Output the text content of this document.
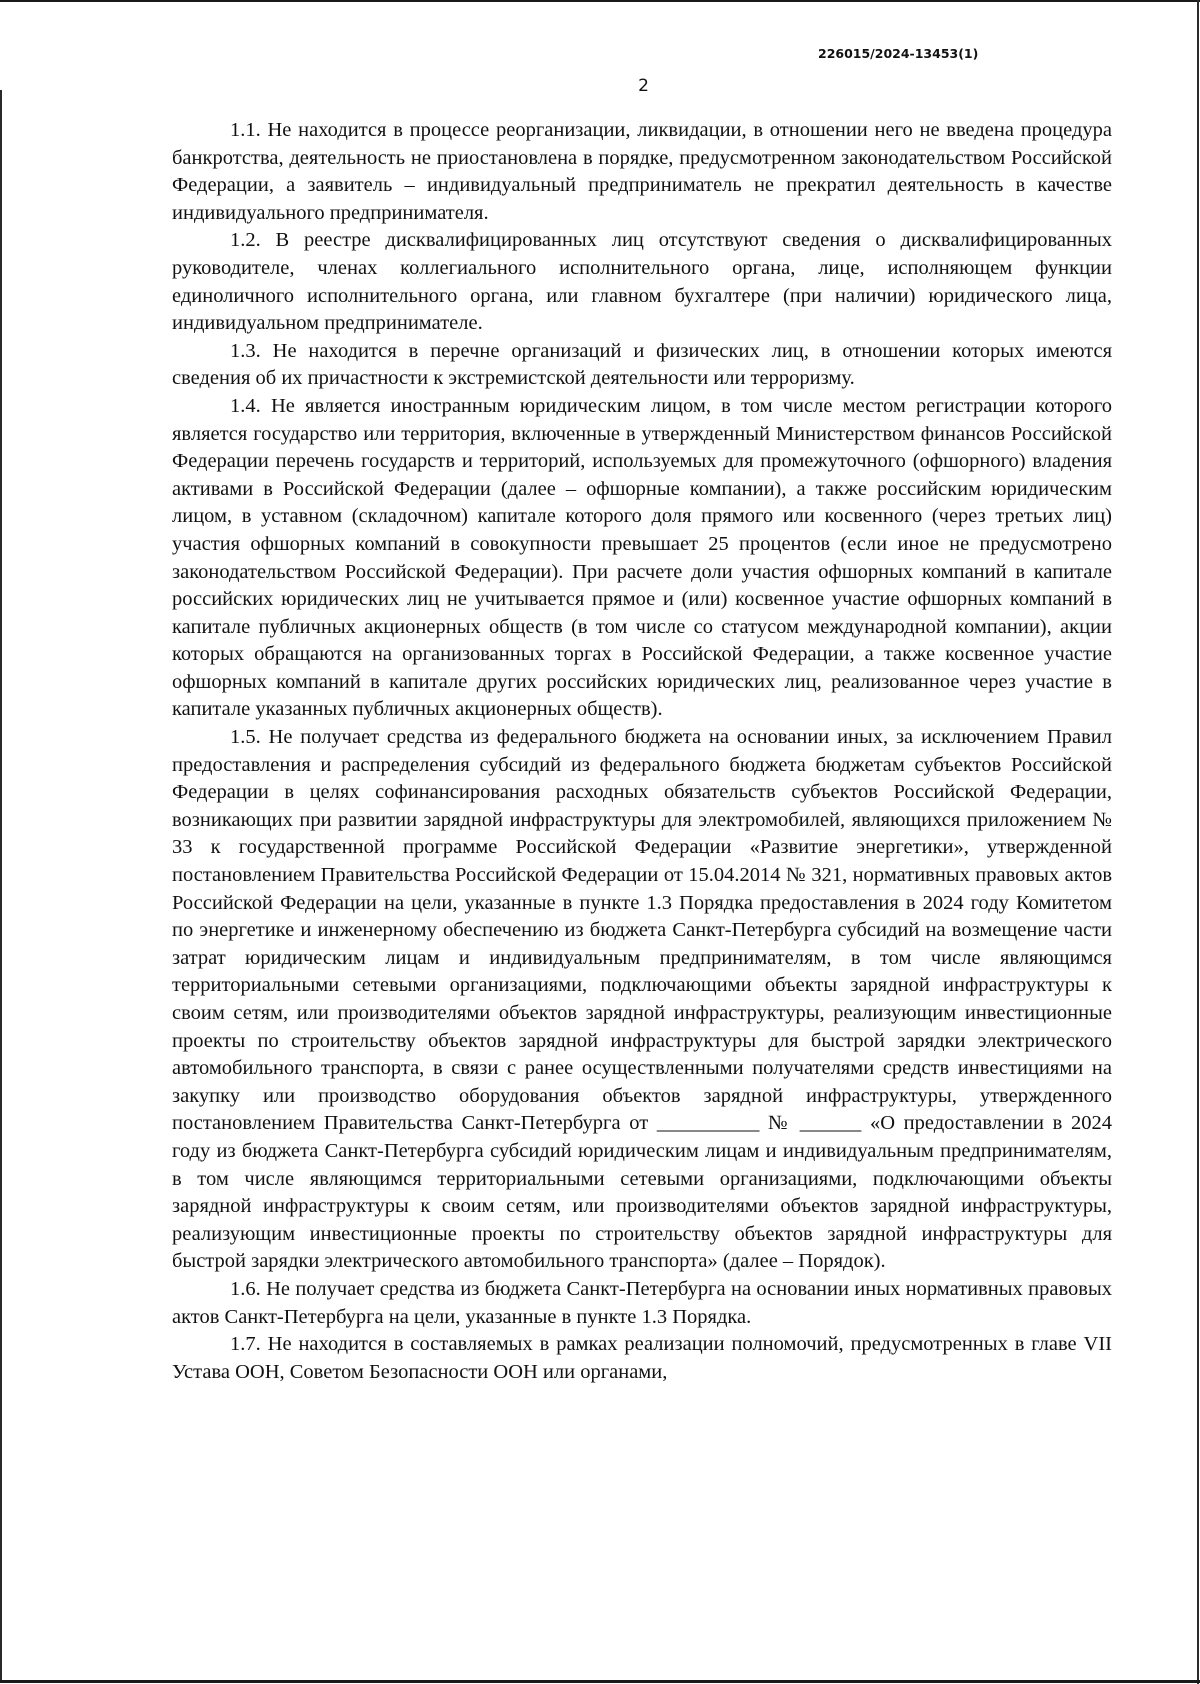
226015/2024-13453(1)
2

1.1. Не находится в процессе реорганизации, ликвидации, в отношении него не введена процедура банкротства, деятельность не приостановлена в порядке, предусмотренном законодательством Российской Федерации, а заявитель – индивидуальный предприниматель не прекратил деятельность в качестве индивидуального предпринимателя.

1.2. В реестре дисквалифицированных лиц отсутствуют сведения о дисквалифицированных руководителе, членах коллегиального исполнительного органа, лице, исполняющем функции единоличного исполнительного органа, или главном бухгалтере (при наличии) юридического лица, индивидуальном предпринимателе.

1.3. Не находится в перечне организаций и физических лиц, в отношении которых имеются сведения об их причастности к экстремистской деятельности или терроризму.

1.4. Не является иностранным юридическим лицом, в том числе местом регистрации которого является государство или территория, включенные в утвержденный Министерством финансов Российской Федерации перечень государств и территорий, используемых для промежуточного (офшорного) владения активами в Российской Федерации (далее – офшорные компании), а также российским юридическим лицом, в уставном (складочном) капитале которого доля прямого или косвенного (через третьих лиц) участия офшорных компаний в совокупности превышает 25 процентов (если иное не предусмотрено законодательством Российской Федерации). При расчете доли участия офшорных компаний в капитале российских юридических лиц не учитывается прямое и (или) косвенное участие офшорных компаний в капитале публичных акционерных обществ (в том числе со статусом международной компании), акции которых обращаются на организованных торгах в Российской Федерации, а также косвенное участие офшорных компаний в капитале других российских юридических лиц, реализованное через участие в капитале указанных публичных акционерных обществ).

1.5. Не получает средства из федерального бюджета на основании иных, за исключением Правил предоставления и распределения субсидий из федерального бюджета бюджетам субъектов Российской Федерации в целях софинансирования расходных обязательств субъектов Российской Федерации, возникающих при развитии зарядной инфраструктуры для электромобилей, являющихся приложением № 33 к государственной программе Российской Федерации «Развитие энергетики», утвержденной постановлением Правительства Российской Федерации от 15.04.2014 № 321, нормативных правовых актов Российской Федерации на цели, указанные в пункте 1.3 Порядка предоставления в 2024 году Комитетом по энергетике и инженерному обеспечению из бюджета Санкт-Петербурга субсидий на возмещение части затрат юридическим лицам и индивидуальным предпринимателям, в том числе являющимся территориальными сетевыми организациями, подключающими объекты зарядной инфраструктуры к своим сетям, или производителями объектов зарядной инфраструктуры, реализующим инвестиционные проекты по строительству объектов зарядной инфраструктуры для быстрой зарядки электрического автомобильного транспорта, в связи с ранее осуществленными получателями средств инвестициями на закупку или производство оборудования объектов зарядной инфраструктуры, утвержденного постановлением Правительства Санкт-Петербурга от __________ № ______ «О предоставлении в 2024 году из бюджета Санкт-Петербурга субсидий юридическим лицам и индивидуальным предпринимателям, в том числе являющимся территориальными сетевыми организациями, подключающими объекты зарядной инфраструктуры к своим сетям, или производителями объектов зарядной инфраструктуры, реализующим инвестиционные проекты по строительству объектов зарядной инфраструктуры для быстрой зарядки электрического автомобильного транспорта» (далее – Порядок).

1.6. Не получает средства из бюджета Санкт-Петербурга на основании иных нормативных правовых актов Санкт-Петербурга на цели, указанные в пункте 1.3 Порядка.

1.7. Не находится в составляемых в рамках реализации полномочий, предусмотренных в главе VII Устава ООН, Советом Безопасности ООН или органами,
